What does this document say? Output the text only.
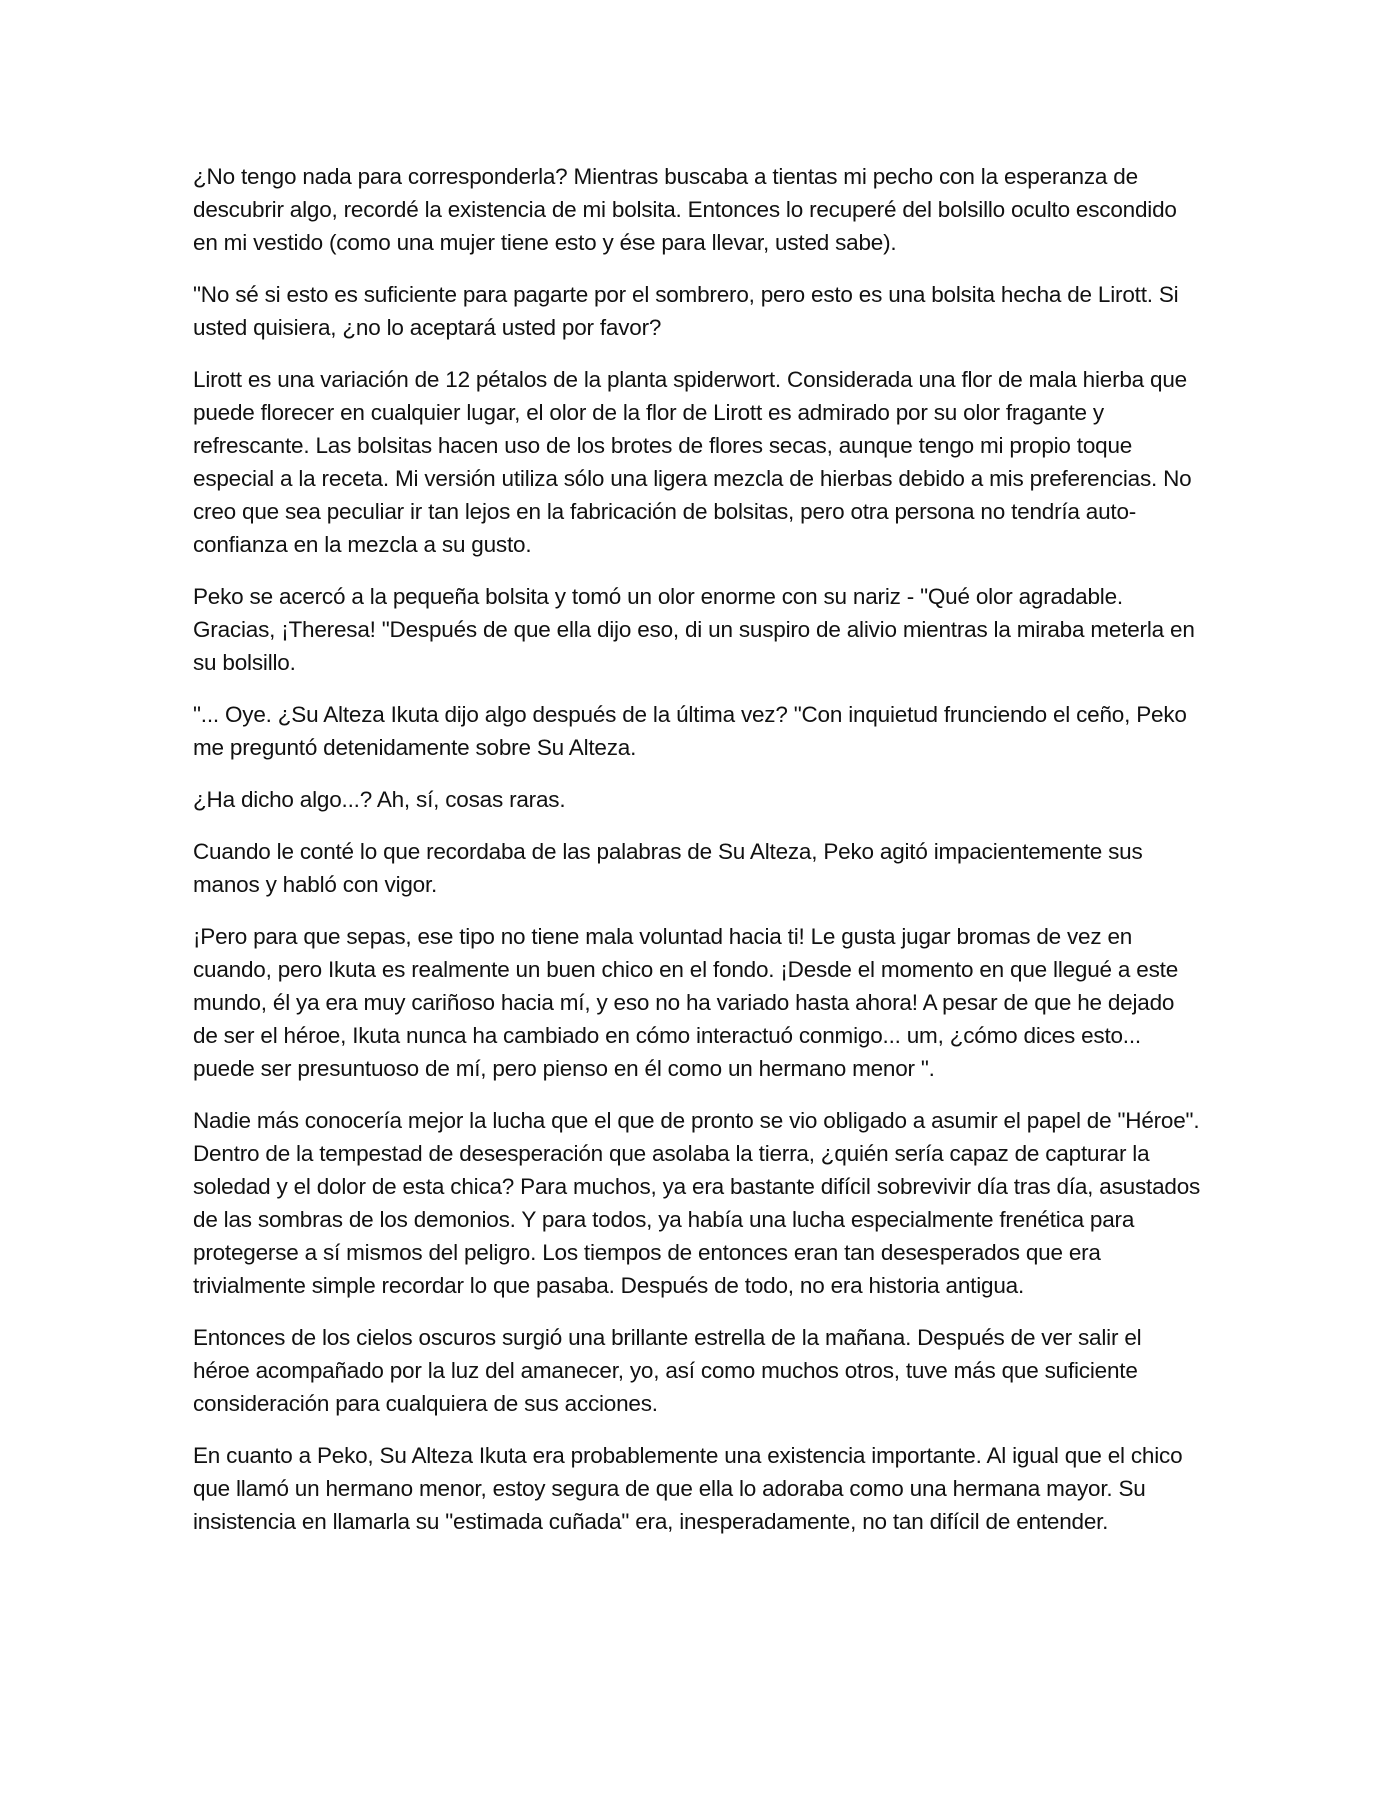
¿No tengo nada para corresponderla? Mientras buscaba a tientas mi pecho con la esperanza de descubrir algo, recordé la existencia de mi bolsita. Entonces lo recuperé del bolsillo oculto escondido en mi vestido (como una mujer tiene esto y ése para llevar, usted sabe).

"No sé si esto es suficiente para pagarte por el sombrero, pero esto es una bolsita hecha de Lirott. Si usted quisiera, ¿no lo aceptará usted por favor?

Lirott es una variación de 12 pétalos de la planta spiderwort. Considerada una flor de mala hierba que puede florecer en cualquier lugar, el olor de la flor de Lirott es admirado por su olor fragante y refrescante. Las bolsitas hacen uso de los brotes de flores secas, aunque tengo mi propio toque especial a la receta. Mi versión utiliza sólo una ligera mezcla de hierbas debido a mis preferencias. No creo que sea peculiar ir tan lejos en la fabricación de bolsitas, pero otra persona no tendría auto-confianza en la mezcla a su gusto.

Peko se acercó a la pequeña bolsita y tomó un olor enorme con su nariz - "Qué olor agradable. Gracias, ¡Theresa! "Después de que ella dijo eso, di un suspiro de alivio mientras la miraba meterla en su bolsillo.

"... Oye. ¿Su Alteza Ikuta dijo algo después de la última vez? "Con inquietud frunciendo el ceño, Peko me preguntó detenidamente sobre Su Alteza.

¿Ha dicho algo...? Ah, sí, cosas raras.

Cuando le conté lo que recordaba de las palabras de Su Alteza, Peko agitó impacientemente sus manos y habló con vigor.

¡Pero para que sepas, ese tipo no tiene mala voluntad hacia ti! Le gusta jugar bromas de vez en cuando, pero Ikuta es realmente un buen chico en el fondo. ¡Desde el momento en que llegué a este mundo, él ya era muy cariñoso hacia mí, y eso no ha variado hasta ahora! A pesar de que he dejado de ser el héroe, Ikuta nunca ha cambiado en cómo interactuó conmigo... um, ¿cómo dices esto... puede ser presuntuoso de mí, pero pienso en él como un hermano menor ".

Nadie más conocería mejor la lucha que el que de pronto se vio obligado a asumir el papel de "Héroe". Dentro de la tempestad de desesperación que asolaba la tierra, ¿quién sería capaz de capturar la soledad y el dolor de esta chica? Para muchos, ya era bastante difícil sobrevivir día tras día, asustados de las sombras de los demonios. Y para todos, ya había una lucha especialmente frenética para protegerse a sí mismos del peligro. Los tiempos de entonces eran tan desesperados que era trivialmente simple recordar lo que pasaba. Después de todo, no era historia antigua.

Entonces de los cielos oscuros surgió una brillante estrella de la mañana. Después de ver salir el héroe acompañado por la luz del amanecer, yo, así como muchos otros, tuve más que suficiente consideración para cualquiera de sus acciones.

En cuanto a Peko, Su Alteza Ikuta era probablemente una existencia importante. Al igual que el chico que llamó un hermano menor, estoy segura de que ella lo adoraba como una hermana mayor. Su insistencia en llamarla su "estimada cuñada" era, inesperadamente, no tan difícil de entender.
